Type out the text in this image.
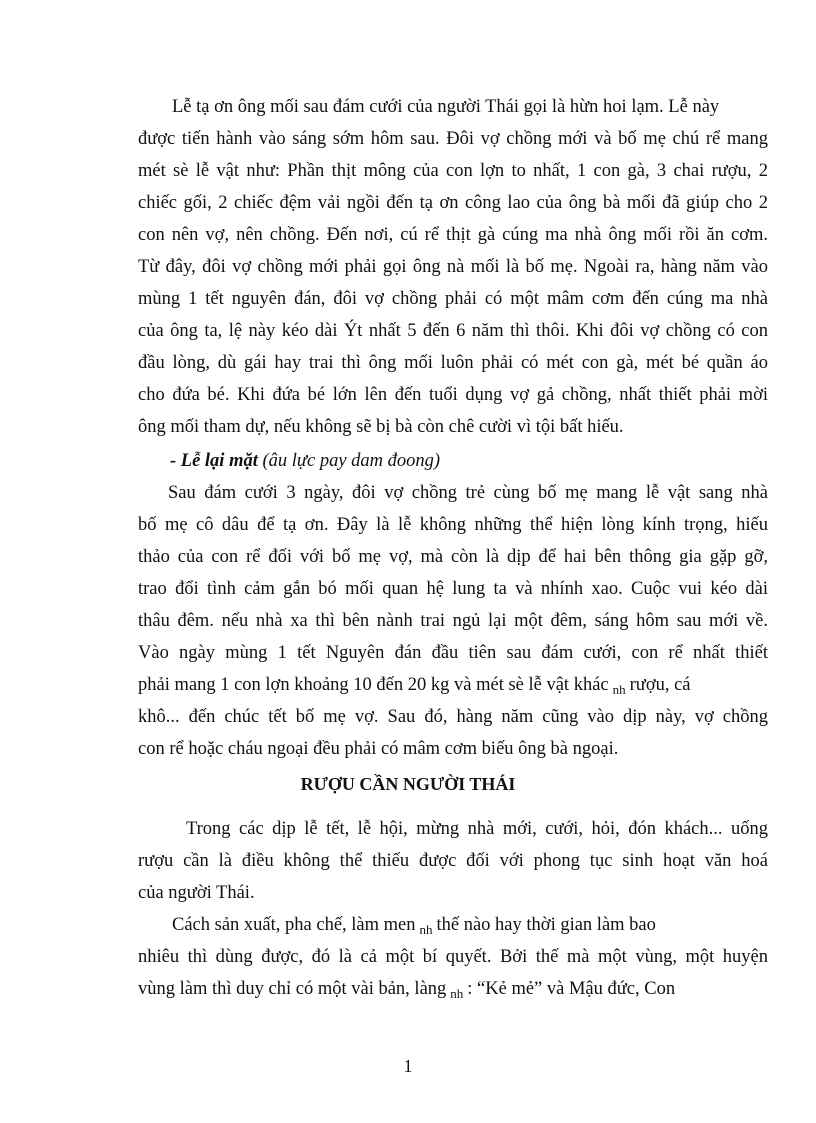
Lễ tạ ơn ông mối sau đám cưới của người Thái gọi là hừn hoi lạm. Lễ này
được tiến hành vào sáng sớm hôm sau. Đôi vợ chồng mới và bố mẹ chú rể mang
mét sè lễ vật như: Phần thịt mông của con lợn to nhất, 1 con gà, 3 chai rượu, 2
chiếc gối, 2 chiếc đệm vải ngồi đến tạ ơn công lao của ông bà mối đã giúp cho 2
con nên vợ, nên chồng. Đến nơi, cú rể thịt gà cúng ma nhà ông mối rồi ăn cơm.
Từ đây, đôi vợ chồng mới phải gọi ông nà mối là bố mẹ. Ngoài ra, hàng năm vào
mùng 1 tết nguyên đán, đôi vợ chồng phải có một mâm cơm đến cúng ma nhà
của ông ta, lệ này kéo dài Ýt nhất 5 đến 6 năm thì thôi. Khi đôi vợ chồng có con
đầu lòng, dù gái hay trai thì ông mối luôn phải có mét con gà, mét bé quần áo
cho đứa bé. Khi đứa bé lớn lên đến tuổi dụng vợ gả chồng, nhất thiết phải mời
ông mối tham dự, nếu không sẽ bị bà còn chê cười vì tội bất hiếu.
- Lễ lại mặt (âu lực pay dam đoong)
Sau đám cưới 3 ngày, đôi vợ chồng trẻ cùng bố mẹ mang lễ vật sang nhà
bố mẹ cô dâu để tạ ơn. Đây là lễ không những thể hiện lòng kính trọng, hiếu
thảo của con rể đối với bố mẹ vợ, mà còn là dịp để hai bên thông gia gặp gỡ,
trao đổi tình cảm gắn bó mối quan hệ lung ta và nhính xao. Cuộc vui kéo dài
thâu đêm. nếu nhà xa thì bên nành trai ngủ lại một đêm, sáng hôm sau mới về.
Vào ngày mùng 1 tết Nguyên đán đầu tiên sau đám cưới, con rể nhất thiết
phải mang 1 con lợn khoảng 10 đến 20 kg và mét sè lễ vật khác $_{nh}$ rượu, cá
khô... đến chúc tết bố mẹ vợ. Sau đó, hàng năm cũng vào dịp này, vợ chồng
con rể hoặc cháu ngoại đều phải có mâm cơm biếu ông bà ngoại.
RƯỢU CẦN NGƯỜI THÁI
Trong các dịp lễ tết, lễ hội, mừng nhà mới, cưới, hỏi, đón khách... uống
rượu cần là điều không thể thiếu được đối với phong tục sinh hoạt văn hoá
của người Thái.
Cách sản xuất, pha chế, làm men $_{nh}$ thế nào hay thời gian làm bao
nhiêu thì dùng được, đó là cả một bí quyết. Bởi thế mà một vùng, một huyện
vùng làm thì duy chỉ có một vài bản, làng $_{nh}$ : “Kẻ mẻ” và Mậu đức, Con
1
